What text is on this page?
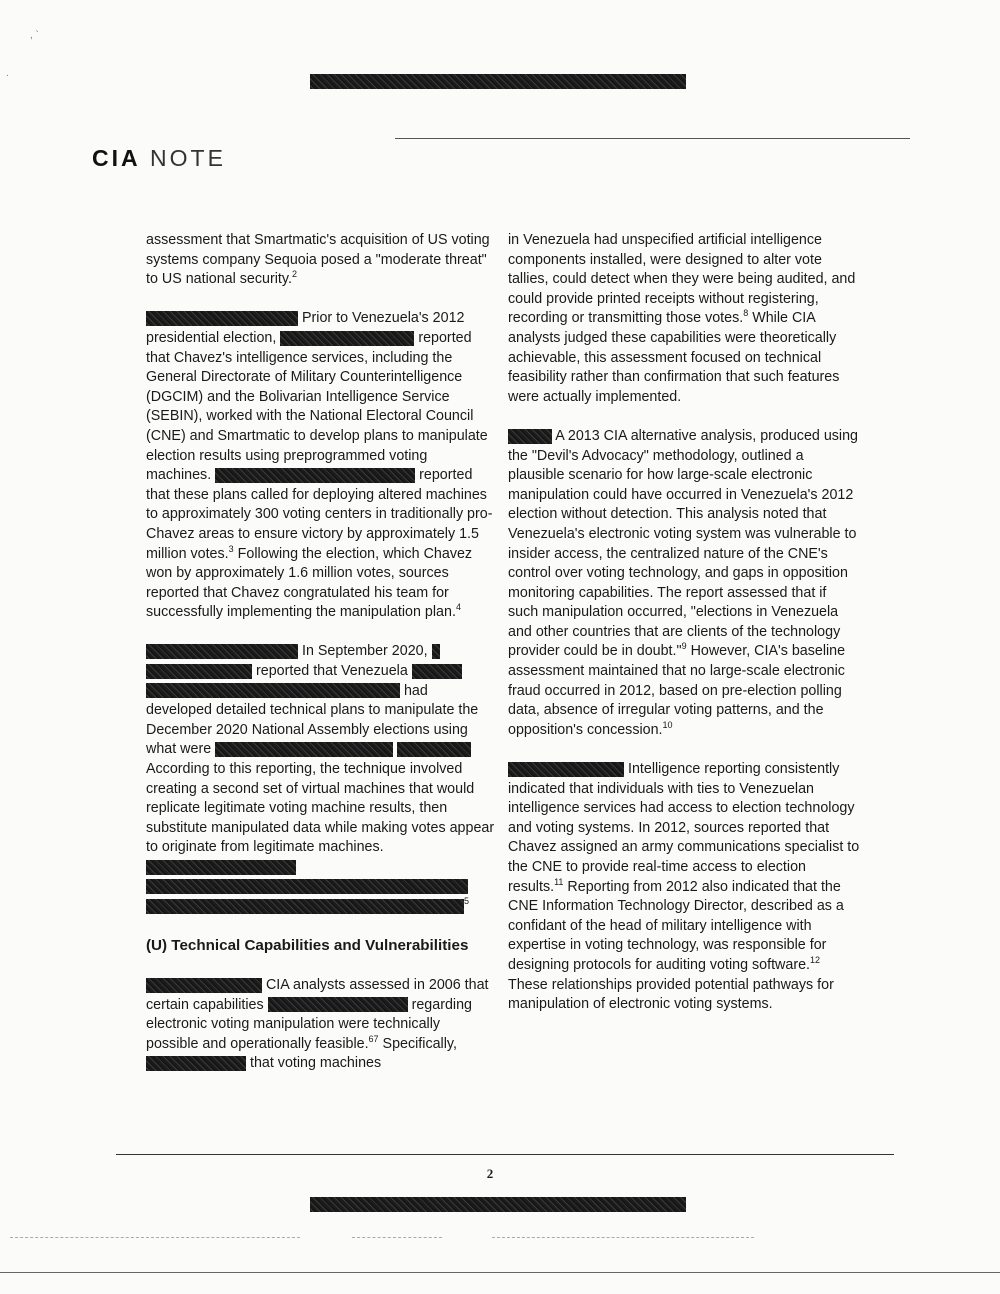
, `
.
CIA NOTE

assessment that Smartmatic's acquisition of US voting systems company Sequoia posed a "moderate threat" to US national security.$^2$

Prior to Venezuela's 2012 presidential election,	reported that Chavez's intelligence services, including the General Directorate of Military Counterintelligence (DGCIM) and the Bolivarian Intelligence Service (SEBIN), worked with the National Electoral Council (CNE) and Smartmatic to develop plans to manipulate election results using preprogrammed voting machines.	reported that these plans called for deploying altered machines to approximately 300 voting centers in traditionally pro-Chavez areas to ensure victory by approximately 1.5 million votes.$^3$ Following the election, which Chavez won by approximately 1.6 million votes, sources reported that Chavez congratulated his team for successfully implementing the manipulation plan.$^4$

In September 2020,   reported that Venezuela   had developed detailed technical plans to manipulate the December 2020 National Assembly elections using what were   According to this reporting, the technique involved creating a second set of virtual machines that would replicate legitimate voting machine results, then substitute manipulated data while making votes appear to originate from legitimate machines.   $^5$

(U) Technical Capabilities and Vulnerabilities

CIA analysts assessed in 2006 that certain capabilities	regarding electronic voting manipulation were technically possible and operationally feasible.$^{67}$ Specifically,  that voting machines

in Venezuela had unspecified artificial intelligence components installed, were designed to alter vote tallies, could detect when they were being audited, and could provide printed receipts without registering, recording or transmitting those votes.$^8$ While CIA analysts judged these capabilities were theoretically achievable, this assessment focused on technical feasibility rather than confirmation that such features were actually implemented.

A 2013 CIA alternative analysis, produced using the "Devil's Advocacy" methodology, outlined a plausible scenario for how large-scale electronic manipulation could have occurred in Venezuela's 2012 election without detection. This analysis noted that Venezuela's electronic voting system was vulnerable to insider access, the centralized nature of the CNE's control over voting technology, and gaps in opposition monitoring capabilities. The report assessed that if such manipulation occurred, "elections in Venezuela and other countries that are clients of the technology provider could be in doubt."$^9$ However, CIA's baseline assessment maintained that no large-scale electronic fraud occurred in 2012, based on pre-election polling data, absence of irregular voting patterns, and the opposition's concession.$^{10}$

Intelligence reporting consistently indicated that individuals with ties to Venezuelan intelligence services had access to election technology and voting systems. In 2012, sources reported that Chavez assigned an army communications specialist to the CNE to provide real-time access to election results.$^{11}$ Reporting from 2012 also indicated that the CNE Information Technology Director, described as a confidant of the head of military intelligence with expertise in voting technology, was responsible for designing protocols for auditing voting software.$^{12}$ These relationships provided potential pathways for manipulation of electronic voting systems.

2
